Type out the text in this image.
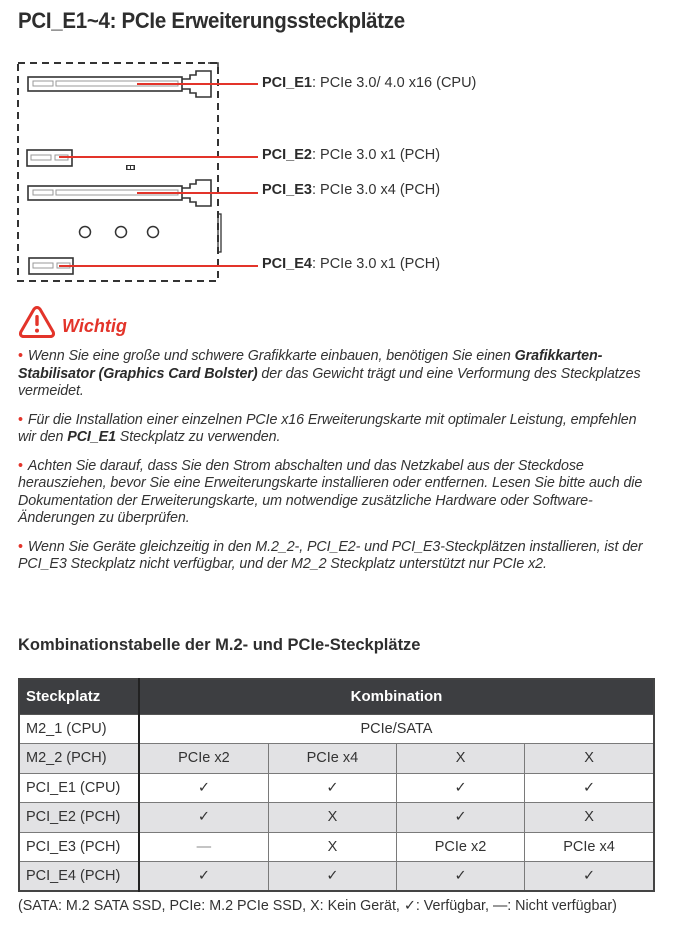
PCI_E1~4: PCIe Erweiterungssteckplätze
PCI_E1: PCIe 3.0/ 4.0 x16 (CPU)
PCI_E2: PCIe 3.0 x1 (PCH)
PCI_E3: PCIe 3.0 x4 (PCH)
PCI_E4: PCIe 3.0 x1 (PCH)
Wichtig

• Wenn Sie eine große und schwere Grafikkarte einbauen, benötigen Sie einen Grafikkarten-Stabilisator (Graphics Card Bolster) der das Gewicht trägt und eine Verformung des Steckplatzes vermeidet.

• Für die Installation einer einzelnen PCIe x16 Erweiterungskarte mit optimaler Leistung, empfehlen wir den PCI_E1 Steckplatz zu verwenden.

• Achten Sie darauf, dass Sie den Strom abschalten und das Netzkabel aus der Steckdose herausziehen, bevor Sie eine Erweiterungskarte installieren oder entfernen. Lesen Sie bitte auch die Dokumentation der Erweiterungskarte, um notwendige zusätzliche Hardware oder Software-Änderungen zu überprüfen.

• Wenn Sie Geräte gleichzeitig in den M.2_2-, PCI_E2- und PCI_E3-Steckplätzen installieren, ist der PCI_E3 Steckplatz nicht verfügbar, und der M2_2 Steckplatz unterstützt nur PCIe x2.

Kombinationstabelle der M.2- und PCIe-Steckplätze
Steckplatz	Kombination			
M2_1 (CPU)	PCIe/SATA			
M2_2 (PCH)	PCIe x2	PCIe x4	X	X
PCI_E1 (CPU)	✓	✓	✓	✓
PCI_E2 (PCH)	✓	X	✓	X
PCI_E3 (PCH)	—	X	PCIe x2	PCIe x4
PCI_E4 (PCH)	✓	✓	✓	✓

(SATA: M.2 SATA SSD, PCIe: M.2 PCIe SSD, X: Kein Gerät, ✓: Verfügbar, —: Nicht verfügbar)
